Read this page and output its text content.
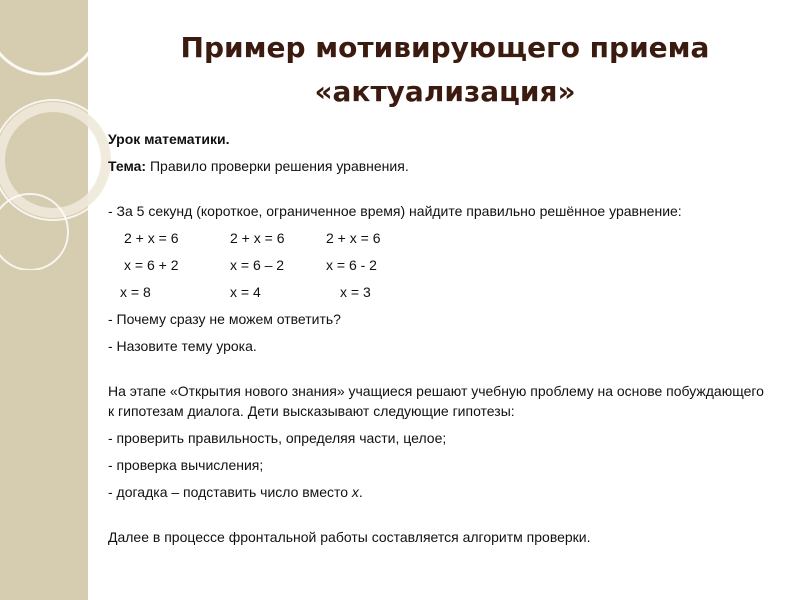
Пример мотивирующего приема
«актуализация»

Урок математики.

Тема: Правило проверки решения уравнения.

- За 5 секунд (короткое, ограниченное время) найдите правильно решённое уравнение:

2 + x = 6	2 + x = 6	2 + x = 6
x = 6 + 2	x = 6 – 2	x = 6 - 2
x = 8	x = 4	x = 3

- Почему сразу не можем ответить?

- Назовите тему урока.

На этапе «Открытия нового знания» учащиеся решают учебную проблему на основе побуждающего к гипотезам диалога. Дети высказывают следующие гипотезы:

- проверить правильность, определяя части, целое;

- проверка вычисления;

- догадка – подставить число вместо х.

Далее в процессе фронтальной работы составляется алгоритм проверки.
